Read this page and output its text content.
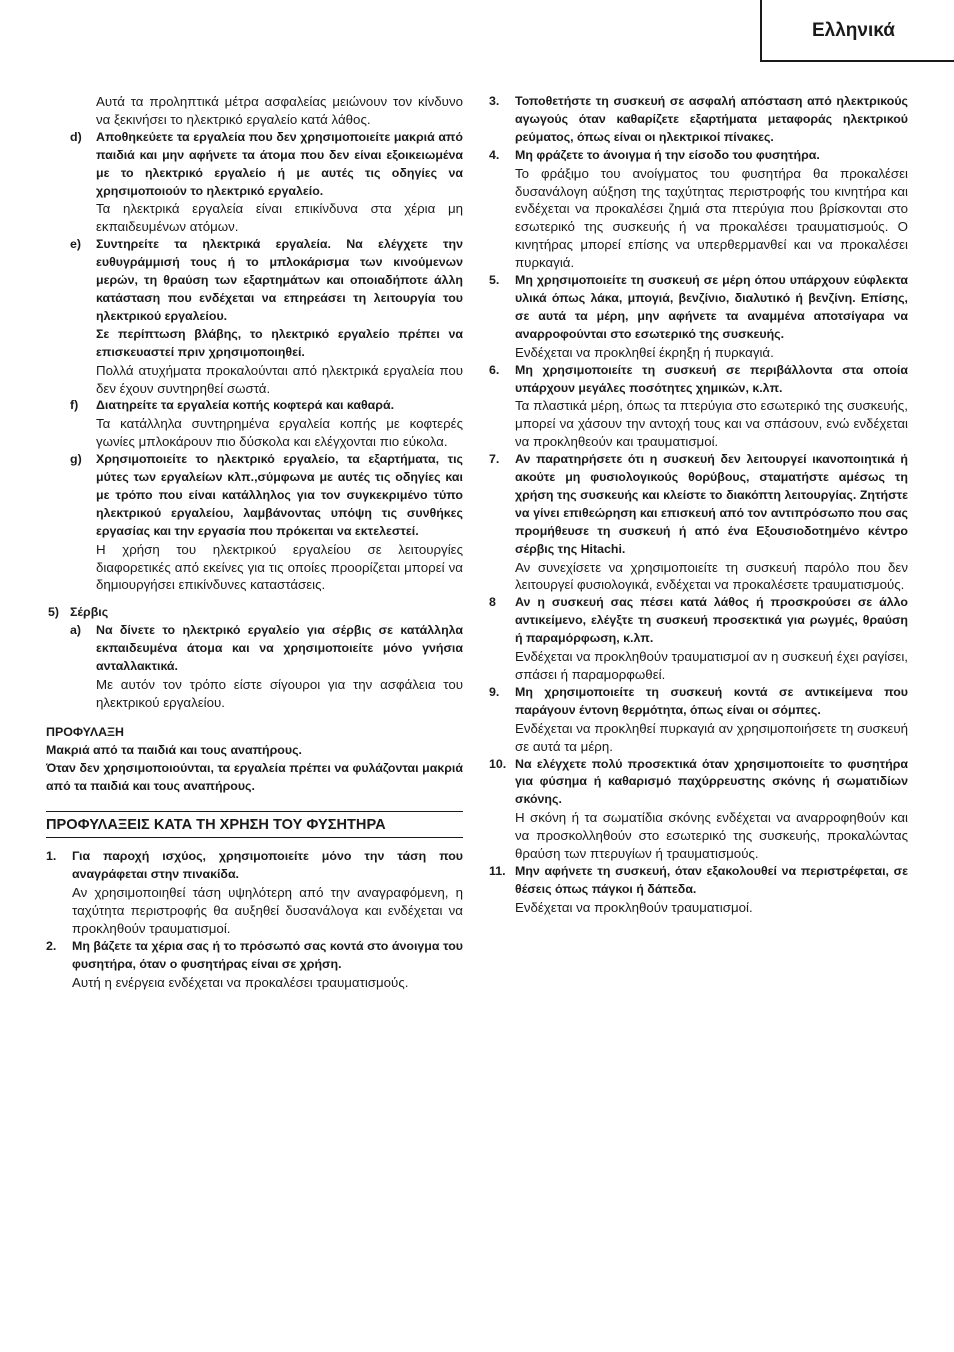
Ελληνικά

Αυτά τα προληπτικά μέτρα ασφαλείας μειώνουν τον κίνδυνο να ξεκινήσει το ηλεκτρικό εργαλείο κατά λάθος.

d) Αποθηκεύετε τα εργαλεία που δεν χρησιμοποιείτε μακριά από παιδιά και μην αφήνετε τα άτομα που δεν είναι εξοικειωμένα με το ηλεκτρικό εργαλείο ή με αυτές τις οδηγίες να χρησιμοποιούν το ηλεκτρικό εργαλείο.

Τα ηλεκτρικά εργαλεία είναι επικίνδυνα στα χέρια μη εκπαιδευμένων ατόμων.

e) Συντηρείτε τα ηλεκτρικά εργαλεία. Να ελέγχετε την ευθυγράμμισή τους ή το μπλοκάρισμα των κινούμενων μερών, τη θραύση των εξαρτημάτων και οποιαδήποτε άλλη κατάσταση που ενδέχεται να επηρεάσει τη λειτουργία του ηλεκτρικού εργαλείου.

Σε περίπτωση βλάβης, το ηλεκτρικό εργαλείο πρέπει να επισκευαστεί πριν χρησιμοποιηθεί.

Πολλά ατυχήματα προκαλούνται από ηλεκτρικά εργαλεία που δεν έχουν συντηρηθεί σωστά.

f) Διατηρείτε τα εργαλεία κοπής κοφτερά και καθαρά.

Τα κατάλληλα συντηρημένα εργαλεία κοπής με κοφτερές γωνίες μπλοκάρουν πιο δύσκολα και ελέγχονται πιο εύκολα.

g) Χρησιμοποιείτε το ηλεκτρικό εργαλείο, τα εξαρτήματα, τις μύτες των εργαλείων κλπ.,σύμφωνα με αυτές τις οδηγίες και με τρόπο που είναι κατάλληλος για τον συγκεκριμένο τύπο ηλεκτρικού εργαλείου, λαμβάνοντας υπόψη τις συνθήκες εργασίας και την εργασία που πρόκειται να εκτελεστεί.

Η χρήση του ηλεκτρικού εργαλείου σε λειτουργίες διαφορετικές από εκείνες για τις οποίες προορίζεται μπορεί να δημιουργήσει επικίνδυνες καταστάσεις.

5) Σέρβις

a) Να δίνετε το ηλεκτρικό εργαλείο για σέρβις σε κατάλληλα εκπαιδευμένα άτομα και να χρησιμοποιείτε μόνο γνήσια ανταλλακτικά.

Με αυτόν τον τρόπο είστε σίγουροι για την ασφάλεια του ηλεκτρικού εργαλείου.

ΠΡΟΦΥΛΑΞΗ

Μακριά από τα παιδιά και τους αναπήρους.

Όταν δεν χρησιμοποιούνται, τα εργαλεία πρέπει να φυλάζονται μακριά από τα παιδιά και τους αναπήρους.

ΠΡΟΦΥΛΑΞΕΙΣ ΚΑΤΑ ΤΗ ΧΡΗΣΗ ΤΟΥ ΦΥΣΗΤΗΡΑ
1. Για παροχή ισχύος, χρησιμοποιείτε μόνο την τάση που αναγράφεται στην πινακίδα.

Αν χρησιμοποιηθεί τάση υψηλότερη από την αναγραφόμενη, η ταχύτητα περιστροφής θα αυξηθεί δυσανάλογα και ενδέχεται να προκληθούν τραυματισμοί.

2. Μη βάζετε τα χέρια σας ή το πρόσωπό σας κοντά στο άνοιγμα του φυσητήρα, όταν ο φυσητήρας είναι σε χρήση.

Αυτή η ενέργεια ενδέχεται να προκαλέσει τραυματισμούς.

3. Τοποθετήστε τη συσκευή σε ασφαλή απόσταση από ηλεκτρικούς αγωγούς όταν καθαρίζετε εξαρτήματα μεταφοράς ηλεκτρικού ρεύματος, όπως είναι οι ηλεκτρικοί πίνακες.

4. Μη φράζετε το άνοιγμα ή την είσοδο του φυσητήρα.

Το φράξιμο του ανοίγματος του φυσητήρα θα προκαλέσει δυσανάλογη αύξηση της ταχύτητας περιστροφής του κινητήρα και ενδέχεται να προκαλέσει ζημιά στα πτερύγια που βρίσκονται στο εσωτερικό της συσκευής ή να προκαλέσει τραυματισμούς. Ο κινητήρας μπορεί επίσης να υπερθερμανθεί και να προκαλέσει πυρκαγιά.

5. Μη χρησιμοποιείτε τη συσκευή σε μέρη όπου υπάρχουν εύφλεκτα υλικά όπως λάκα, μπογιά, βενζίνιο, διαλυτικό ή βενζίνη. Επίσης, σε αυτά τα μέρη, μην αφήνετε τα αναμμένα αποτσίγαρα να αναρροφούνται στο εσωτερικό της συσκευής.

Ενδέχεται να προκληθεί έκρηξη ή πυρκαγιά.

6. Μη χρησιμοποιείτε τη συσκευή σε περιβάλλοντα στα οποία υπάρχουν μεγάλες ποσότητες χημικών, κ.λπ.

Τα πλαστικά μέρη, όπως τα πτερύγια στο εσωτερικό της συσκευής, μπορεί να χάσουν την αντοχή τους και να σπάσουν, ενώ ενδέχεται να προκληθεούν και τραυματισμοί.

7. Αν παρατηρήσετε ότι η συσκευή δεν λειτουργεί ικανοποιητικά ή ακούτε μη φυσιολογικούς θορύβους, σταματήστε αμέσως τη χρήση της συσκευής και κλείστε το διακόπτη λειτουργίας. Ζητήστε να γίνει επιθεώρηση και επισκευή από τον αντιπρόσωπο που σας προμήθευσε τη συσκευή ή από ένα Εξουσιοδοτημένο κέντρο σέρβις της Hitachi.

Αν συνεχίσετε να χρησιμοποιείτε τη συσκευή παρόλο που δεν λειτουργεί φυσιολογικά, ενδέχεται να προκαλέσετε τραυματισμούς.

8 Αν η συσκευή σας πέσει κατά λάθος ή προσκρούσει σε άλλο αντικείμενο, ελέγξτε τη συσκευή προσεκτικά για ρωγμές, θραύση ή παραμόρφωση, κ.λπ.

Ενδέχεται να προκληθούν τραυματισμοί αν η συσκευή έχει ραγίσει, σπάσει ή παραμορφωθεί.

9. Μη χρησιμοποιείτε τη συσκευή κοντά σε αντικείμενα που παράγουν έντονη θερμότητα, όπως είναι οι σόμπες.

Ενδέχεται να προκληθεί πυρκαγιά αν χρησιμοποιήσετε τη συσκευή σε αυτά τα μέρη.

10. Να ελέγχετε πολύ προσεκτικά όταν χρησιμοποιείτε το φυσητήρα για φύσημα ή καθαρισμό παχύρρευστης σκόνης ή σωματιδίων σκόνης.

Η σκόνη ή τα σωματίδια σκόνης ενδέχεται να αναρροφηθούν και να προσκολληθούν στο εσωτερικό της συσκευής, προκαλώντας θραύση των πτερυγίων ή τραυματισμούς.

11. Μην αφήνετε τη συσκευή, όταν εξακολουθεί να περιστρέφεται, σε θέσεις όπως πάγκοι ή δάπεδα.

Ενδέχεται να προκληθούν τραυματισμοί.
